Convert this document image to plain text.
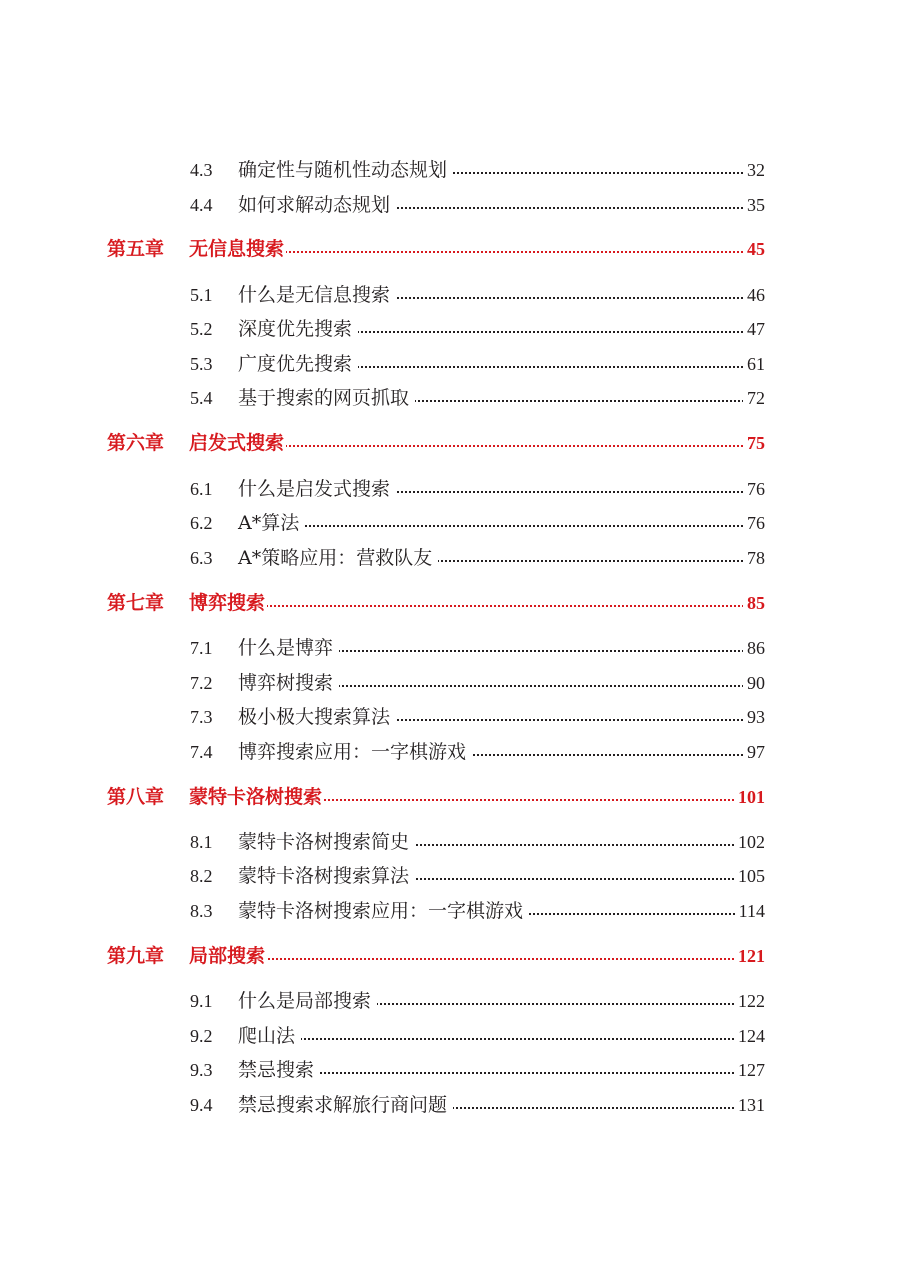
4.3 确定性与随机性动态规划	32
4.4 如何求解动态规划	35
第五章 无信息搜索	45
5.1 什么是无信息搜索	46
5.2 深度优先搜索	47
5.3 广度优先搜索	61
5.4 基于搜索的网页抓取	72
第六章 启发式搜索	75
6.1 什么是启发式搜索	76
6.2 A*算法	76
6.3 A*策略应用：营救队友	78
第七章 博弈搜索	85
7.1 什么是博弈	86
7.2 博弈树搜索	90
7.3 极小极大搜索算法	93
7.4 博弈搜索应用：一字棋游戏	97
第八章 蒙特卡洛树搜索	101
8.1 蒙特卡洛树搜索简史	102
8.2 蒙特卡洛树搜索算法	105
8.3 蒙特卡洛树搜索应用：一字棋游戏	114
第九章 局部搜索	121
9.1 什么是局部搜索	122
9.2 爬山法	124
9.3 禁忌搜索	127
9.4 禁忌搜索求解旅行商问题	131
